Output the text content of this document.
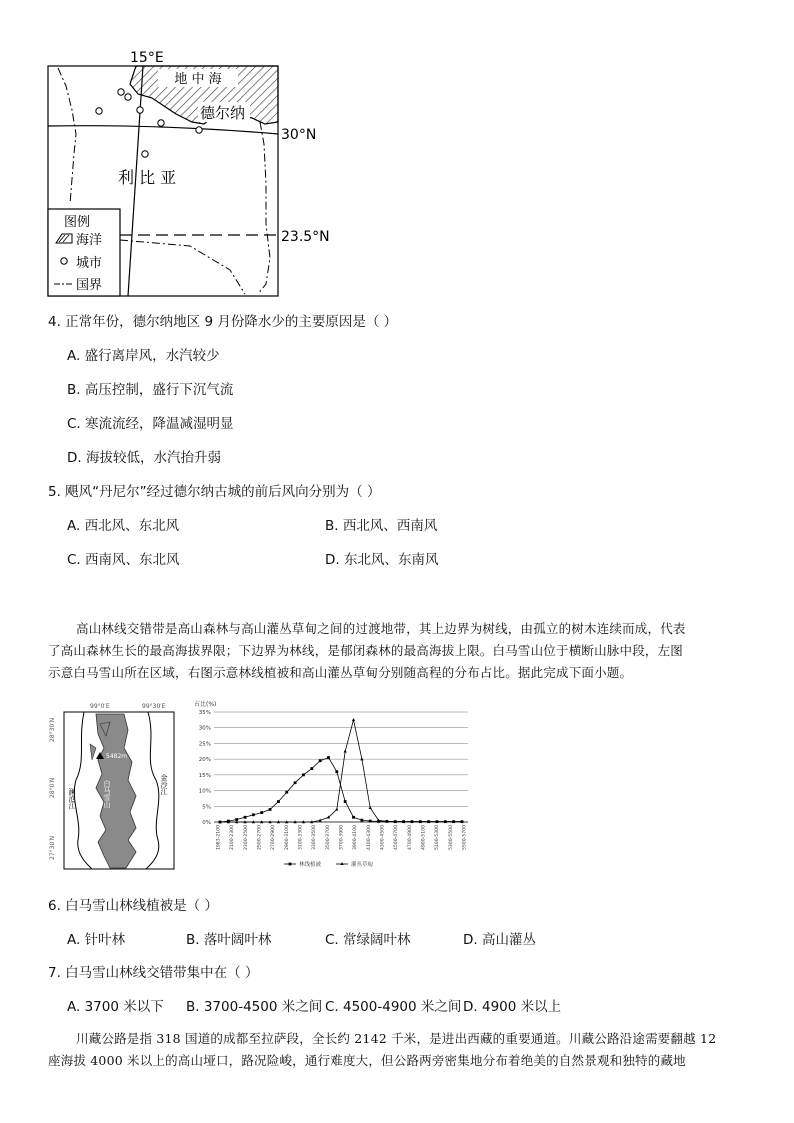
地 中 海
15°E
30°N
23.5°N
德尔纳
利 比 亚
图例
海洋
城市
国界
4. 正常年份，德尔纳地区 9 月份降水少的主要原因是（ ）
A. 盛行离岸风，水汽较少
B. 高压控制，盛行下沉气流
C. 寒流流经，降温减湿明显
D. 海拔较低，水汽抬升弱
5. 飓风“丹尼尔”经过德尔纳古城的前后风向分别为（ ）
A. 西北风、东北风	B. 西北风、西南风
C. 西南风、东北风	D. 东北风、东南风
高山林线交错带是高山森林与高山灌丛草甸之间的过渡地带，其上边界为树线，由孤立的树木连续而成，代表
了高山森林生长的最高海拔界限；下边界为林线，是郁闭森林的最高海拔上限。白马雪山位于横断山脉中段，左图
示意白马雪山所在区域，右图示意林线植被和高山灌丛草甸分别随高程的分布占比。据此完成下面小题。
99°0′E	99°30′E
28°30′N
28°0′N
27°30′N
5482m
白马雪山
澜沧江
金沙江
0%
5%
10%
15%
20%
25%
30%
35%
1983-2100 2100-2300 2300-2500 2500-2700 2700-2900 2900-3100 3100-3300 3300-3500 3500-3700 3700-3900 3900-4100 4100-4300 4300-4500 4500-4700 4700-4900 4900-5100 5100-5300 5300-5500 5500-5700
占比(%)
林线植被	灌丛草甸
6. 白马雪山林线植被是（ ）
A. 针叶林	B. 落叶阔叶林	C. 常绿阔叶林	D. 高山灌丛
7. 白马雪山林线交错带集中在（ ）
A. 3700 米以下 B. 3700-4500 米之间 C. 4500-4900 米之间 D. 4900 米以上
川藏公路是指 318 国道的成都至拉萨段，全长约 2142 千米，是进出西藏的重要通道。川藏公路沿途需要翻越 12
座海拔 4000 米以上的高山垭口，路况险峻，通行难度大，但公路两旁密集地分布着绝美的自然景观和独特的藏地
